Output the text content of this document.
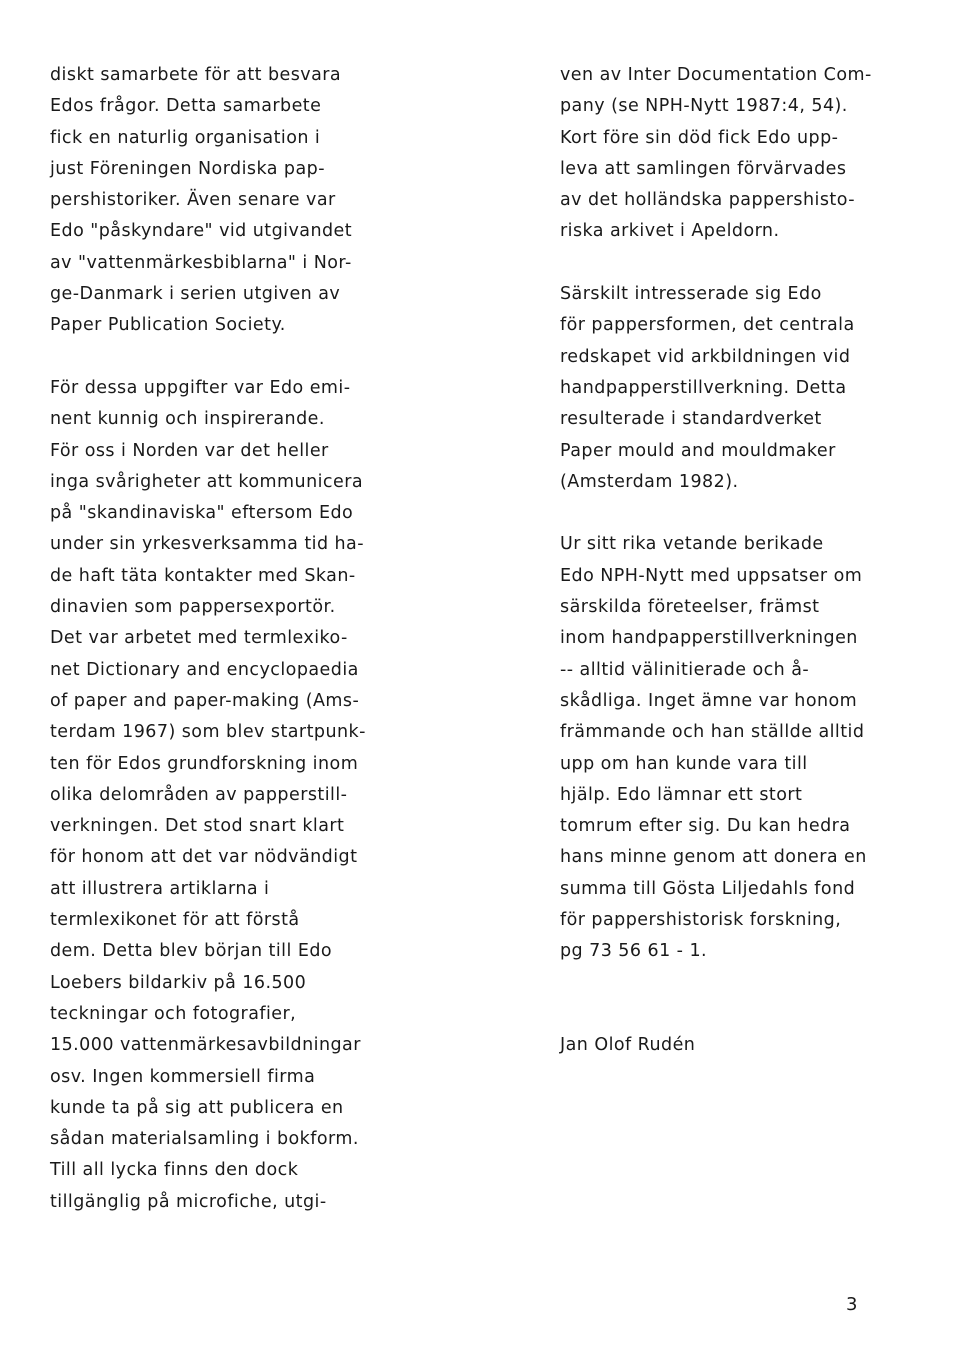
diskt samarbete för att besvara
Edos frågor. Detta samarbete
fick en naturlig organisation i
just Föreningen Nordiska pap-
pershistoriker. Även senare var
Edo "påskyndare" vid utgivandet
av "vattenmärkesbiblarna" i Nor-
ge-Danmark i serien utgiven av
Paper Publication Society.
För dessa uppgifter var Edo emi-
nent kunnig och inspirerande.
För oss i Norden var det heller
inga svårigheter att kommunicera
på "skandinaviska" eftersom Edo
under sin yrkesverksamma tid ha-
de haft täta kontakter med Skan-
dinavien som pappersexportör.
Det var arbetet med termlexiko-
net Dictionary and encyclopaedia
of paper and paper-making (Ams-
terdam 1967) som blev startpunk-
ten för Edos grundforskning inom
olika delområden av papperstill-
verkningen. Det stod snart klart
för honom att det var nödvändigt
att illustrera artiklarna i
termlexikonet för att förstå
dem. Detta blev början till Edo
Loebers bildarkiv på 16.500
teckningar och fotografier,
15.000 vattenmärkesavbildningar
osv. Ingen kommersiell firma
kunde ta på sig att publicera en
sådan materialsamling i bokform.
Till all lycka finns den dock
tillgänglig på microfiche, utgi-
ven av Inter Documentation Com-
pany (se NPH-Nytt 1987:4, 54).
Kort före sin död fick Edo upp-
leva att samlingen förvärvades
av det holländska pappershisto-
riska arkivet i Apeldorn.
Särskilt intresserade sig Edo
för pappersformen, det centrala
redskapet vid arkbildningen vid
handpapperstillverkning. Detta
resulterade i standardverket
Paper mould and mouldmaker
(Amsterdam 1982).
Ur sitt rika vetande berikade
Edo NPH-Nytt med uppsatser om
särskilda företeelser, främst
inom handpapperstillverkningen
-- alltid välinitierade och å-
skådliga. Inget ämne var honom
främmande och han ställde alltid
upp om han kunde vara till
hjälp. Edo lämnar ett stort
tomrum efter sig. Du kan hedra
hans minne genom att donera en
summa till Gösta Liljedahls fond
för pappershistorisk forskning,
pg 73 56 61 - 1.
Jan Olof Rudén
3
